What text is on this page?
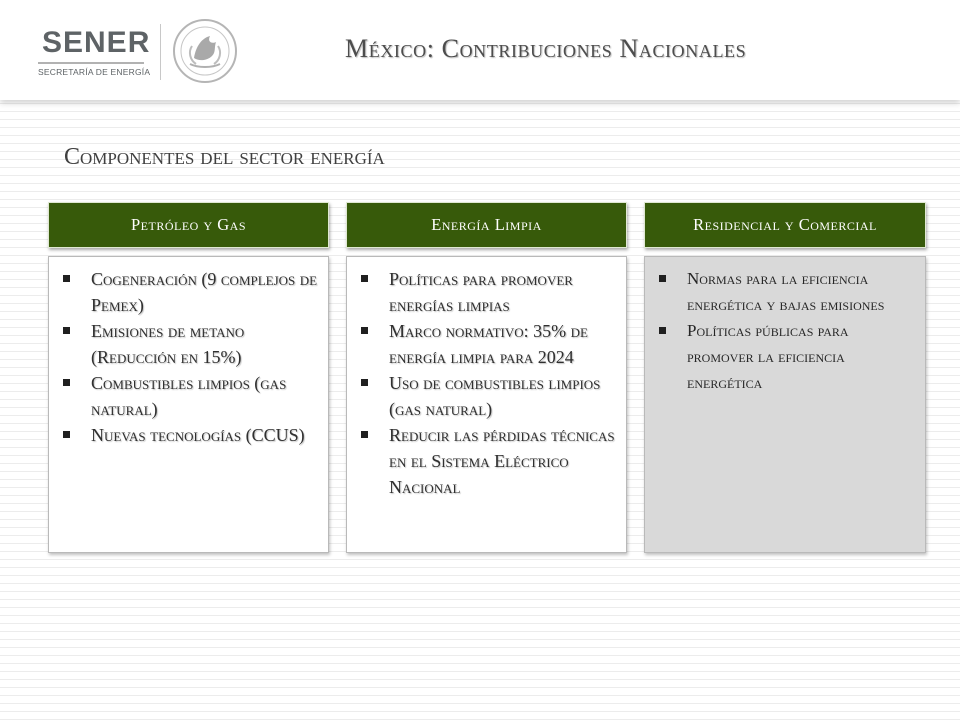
SENER
SECRETARÍA DE ENERGÍA
México: Contribuciones Nacionales
Componentes del sector energía
Petróleo y Gas
Cogeneración (9 complejos de Pemex)
Emisiones de metano (Reducción en 15%)
Combustibles limpios (gas natural)
Nuevas tecnologías (CCUS)
Energía Limpia
Políticas para promover energías limpias
Marco normativo: 35% de energía limpia para 2024
Uso de combustibles limpios (gas natural)
Reducir las pérdidas técnicas en el Sistema Eléctrico Nacional
Residencial y Comercial
Normas para la eficiencia energética y bajas emisiones
Políticas públicas para promover la eficiencia energética
